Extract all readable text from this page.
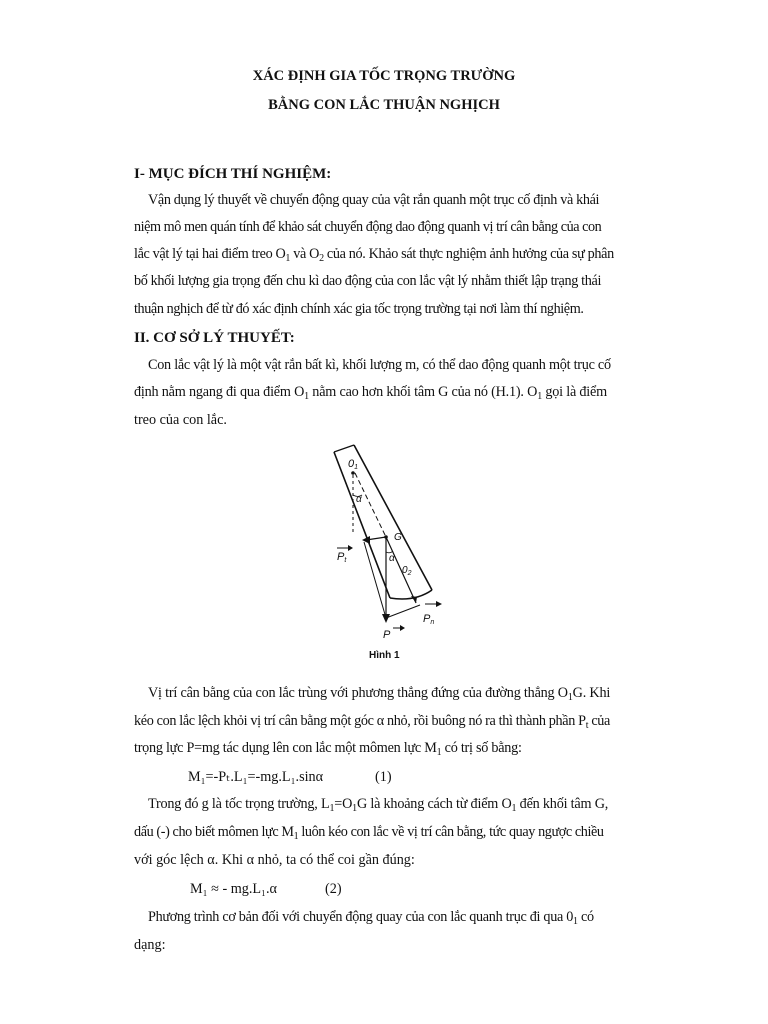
XÁC ĐỊNH GIA TỐC TRỌNG TRƯỜNG
BẰNG CON LẮC THUẬN NGHỊCH
I- MỤC ĐÍCH THÍ NGHIỆM:
Vận dụng lý thuyết về chuyển động quay của vật rắn quanh một trục cố định và khái
niệm mô men quán tính để khảo sát chuyển động dao động quanh vị trí cân bằng của con
lắc vật lý tại hai điểm treo $O_1$ và $O_2$ của nó. Khảo sát thực nghiệm ảnh hưởng của sự phân
bố khối lượng gia trọng đến chu kì dao động của con lắc vật lý nhằm thiết lập trạng thái
thuận nghịch để từ đó xác định chính xác gia tốc trọng trường tại nơi làm thí nghiệm.
II. CƠ SỞ LÝ THUYẾT:
Con lắc vật lý là một vật rắn bất kì, khối lượng m, có thể dao động quanh một trục cố
định nằm ngang đi qua điểm $O_1$ nằm cao hơn khối tâm G của nó (H.1). $O_1$ gọi là điểm
treo của con lắc.
01
α
G
α
$0_2$
Pt
Pn
P
Hình 1
Vị trí cân bằng của con lắc trùng với phương thẳng đứng của đường thẳng $O_1G$. Khi
kéo con lắc lệch khỏi vị trí cân bằng một góc α nhỏ, rồi buông nó ra thì thành phần $P_t$ của
trọng lực P=mg tác dụng lên con lắc một mômen lực $M_1$ có trị số bằng:
M₁=-Pₜ.L₁=-mg.L₁.sinα	(1)
Trong đó g là tốc trọng trường, $L_1=O_1G$ là khoảng cách từ điểm $O_1$ đến khối tâm G,
dấu (-) cho biết mômen lực $M_1$ luôn kéo con lắc về vị trí cân bằng, tức quay ngược chiều
với góc lệch α. Khi α nhỏ, ta có thể coi gần đúng:
M₁ ≈ - mg.L₁.α	(2)
Phương trình cơ bản đối với chuyển động quay của con lắc quanh trục đi qua $0_1$ có
dạng:
